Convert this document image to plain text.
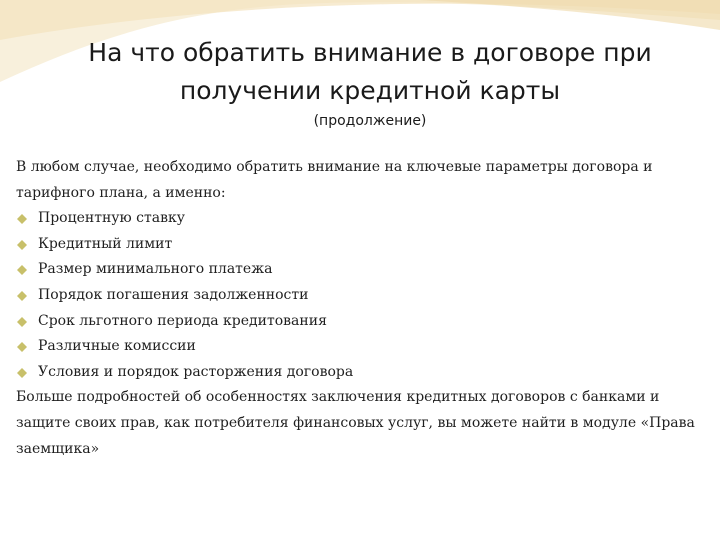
На что обратить внимание в договоре при
получении кредитной карты
(продолжение)

В любом случае, необходимо обратить внимание на ключевые параметры договора и тарифного плана, а именно:

Процентную ставку
Кредитный лимит
Размер минимального платежа
Порядок погашения задолженности
Срок льготного периода кредитования
Различные комиссии
Условия и порядок расторжения договора

Больше подробностей об особенностях заключения кредитных договоров с банками и защите своих прав, как потребителя финансовых услуг, вы можете найти в модуле «Права заемщика»
